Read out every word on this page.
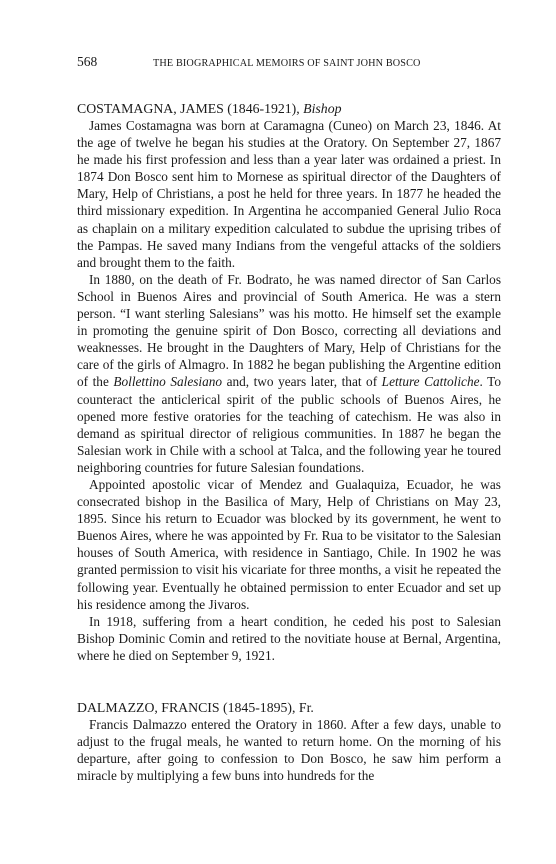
568	THE BIOGRAPHICAL MEMOIRS OF SAINT JOHN BOSCO
COSTAMAGNA, JAMES (1846-1921), Bishop

James Costamagna was born at Caramagna (Cuneo) on March 23, 1846. At the age of twelve he began his studies at the Oratory. On September 27, 1867 he made his first profession and less than a year later was ordained a priest. In 1874 Don Bosco sent him to Mornese as spiritual director of the Daughters of Mary, Help of Christians, a post he held for three years. In 1877 he headed the third missionary expedition. In Argentina he accompanied General Julio Roca as chaplain on a military expedition calculated to subdue the uprising tribes of the Pampas. He saved many Indians from the vengeful attacks of the soldiers and brought them to the faith.

In 1880, on the death of Fr. Bodrato, he was named director of San Carlos School in Buenos Aires and provincial of South America. He was a stern person. “I want sterling Salesians” was his motto. He himself set the example in promoting the genuine spirit of Don Bosco, correcting all deviations and weaknesses. He brought in the Daughters of Mary, Help of Christians for the care of the girls of Almagro. In 1882 he began publishing the Argentine edition of the Bollettino Salesiano and, two years later, that of Letture Cattoliche. To counteract the anticlerical spirit of the public schools of Buenos Aires, he opened more festive oratories for the teaching of catechism. He was also in demand as spiritual director of religious communities. In 1887 he began the Salesian work in Chile with a school at Talca, and the following year he toured neighboring countries for future Salesian foundations.

Appointed apostolic vicar of Mendez and Gualaquiza, Ecuador, he was consecrated bishop in the Basilica of Mary, Help of Christians on May 23, 1895. Since his return to Ecuador was blocked by its government, he went to Buenos Aires, where he was appointed by Fr. Rua to be visitator to the Salesian houses of South America, with residence in Santiago, Chile. In 1902 he was granted permission to visit his vicariate for three months, a visit he repeated the following year. Eventually he obtained permission to enter Ecuador and set up his residence among the Jivaros.

In 1918, suffering from a heart condition, he ceded his post to Salesian Bishop Dominic Comin and retired to the novitiate house at Bernal, Argentina, where he died on September 9, 1921.

DALMAZZO, FRANCIS (1845-1895), Fr.

Francis Dalmazzo entered the Oratory in 1860. After a few days, unable to adjust to the frugal meals, he wanted to return home. On the morning of his departure, after going to confession to Don Bosco, he saw him perform a miracle by multiplying a few buns into hundreds for the
